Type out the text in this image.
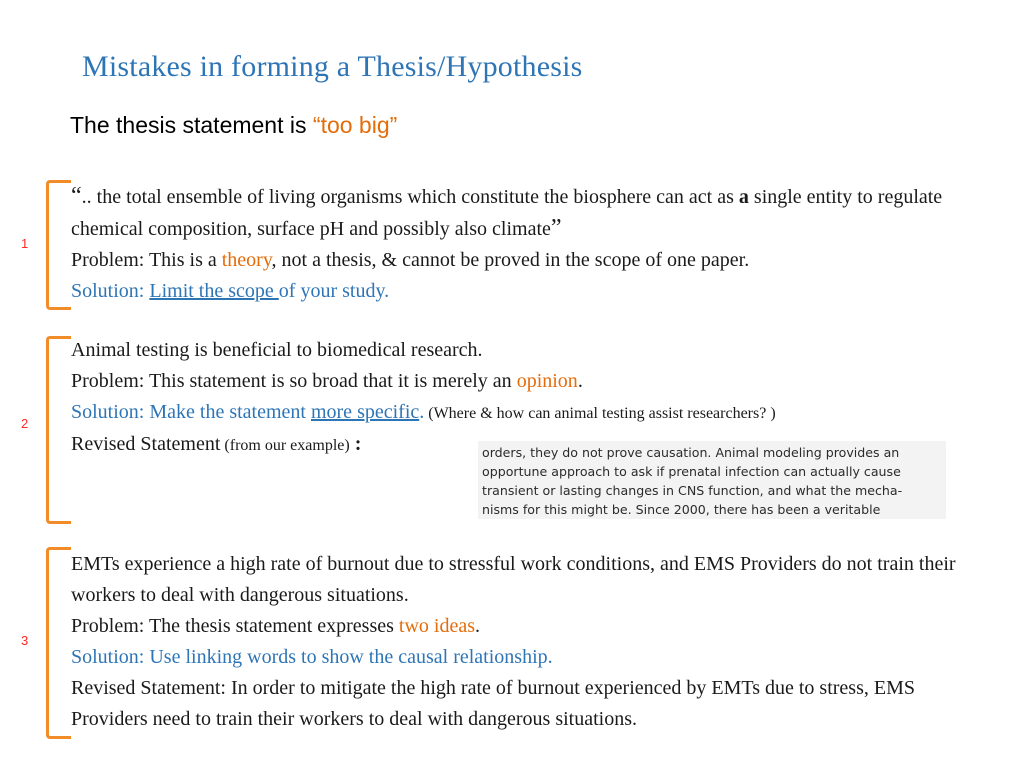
Mistakes in forming a Thesis/Hypothesis
The thesis statement is “too big”
1
“.. the total ensemble of living organisms which constitute the biosphere can act as a single entity to regulate chemical composition, surface pH and possibly also climate”
Problem: This is a theory, not a thesis, & cannot be proved in the scope of one paper.
Solution: Limit the scope of your study.
2
Animal testing is beneficial to biomedical research.
Problem: This statement is so broad that it is merely an opinion.
Solution: Make the statement more specific. (Where & how can animal testing assist researchers? )
Revised Statement (from our example) :	orders, they do not prove causation. Animal modeling provides an
opportune approach to ask if prenatal infection can actually cause
transient or lasting changes in CNS function, and what the mecha-
nisms for this might be. Since 2000, there has been a veritable
3
EMTs experience a high rate of burnout due to stressful work conditions, and EMS Providers do not train their workers to deal with dangerous situations.
Problem: The thesis statement expresses two ideas.
Solution: Use linking words to show the causal relationship.
Revised Statement: In order to mitigate the high rate of burnout experienced by EMTs due to stress, EMS Providers need to train their workers to deal with dangerous situations.
